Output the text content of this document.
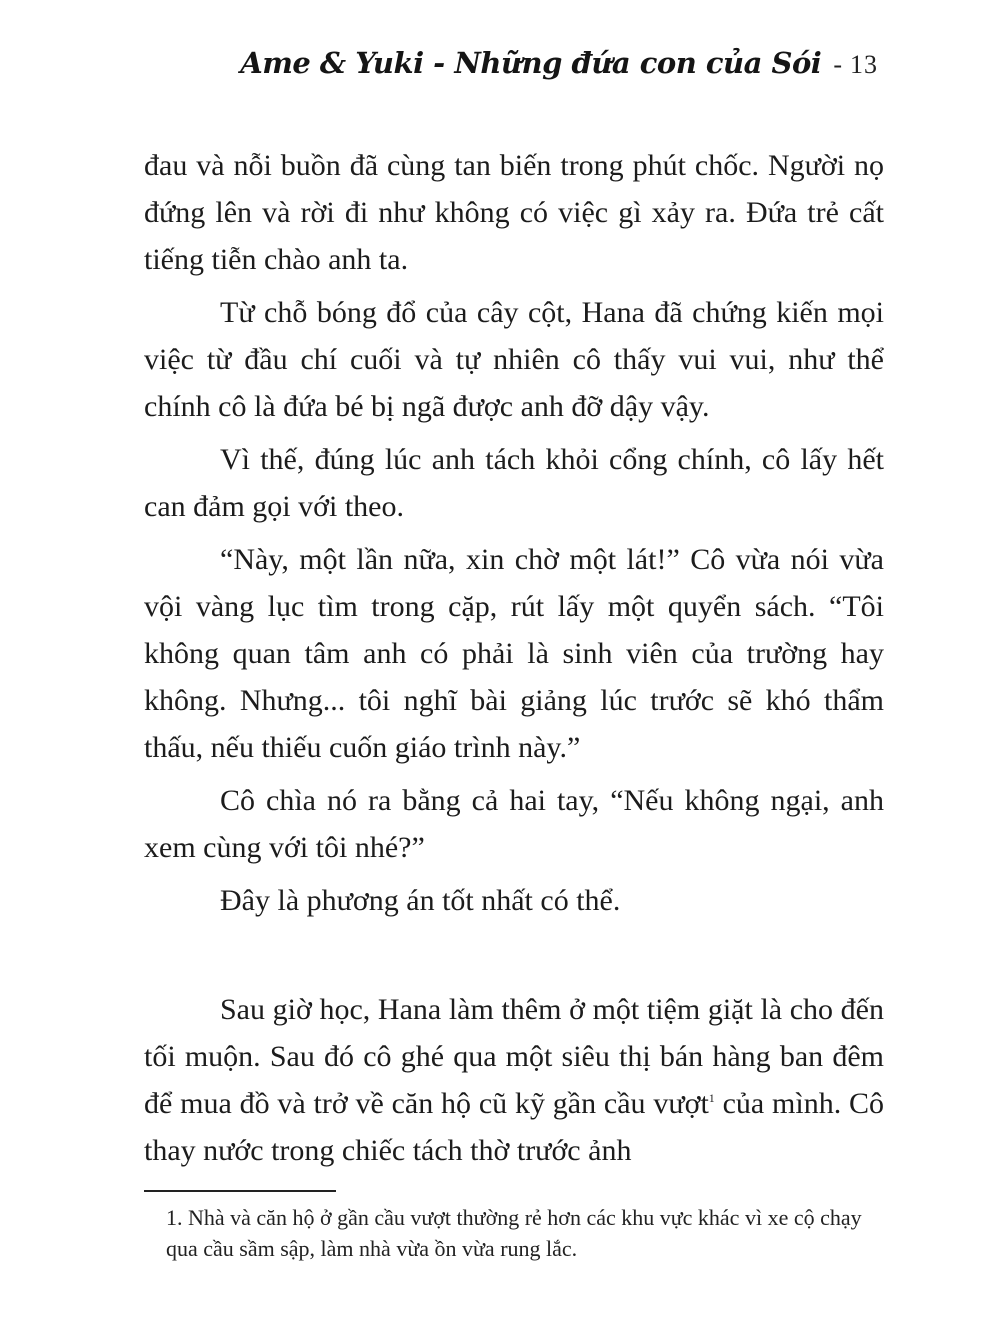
Ame & Yuki - Những đứa con của Sói - 13

đau và nỗi buồn đã cùng tan biến trong phút chốc. Người nọ đứng lên và rời đi như không có việc gì xảy ra. Đứa trẻ cất tiếng tiễn chào anh ta.

Từ chỗ bóng đổ của cây cột, Hana đã chứng kiến mọi việc từ đầu chí cuối và tự nhiên cô thấy vui vui, như thể chính cô là đứa bé bị ngã được anh đỡ dậy vậy.

Vì thế, đúng lúc anh tách khỏi cổng chính, cô lấy hết can đảm gọi với theo.

“Này, một lần nữa, xin chờ một lát!” Cô vừa nói vừa vội vàng lục tìm trong cặp, rút lấy một quyển sách. “Tôi không quan tâm anh có phải là sinh viên của trường hay không. Nhưng... tôi nghĩ bài giảng lúc trước sẽ khó thẩm thấu, nếu thiếu cuốn giáo trình này.”

Cô chìa nó ra bằng cả hai tay, “Nếu không ngại, anh xem cùng với tôi nhé?”

Đây là phương án tốt nhất có thể.

Sau giờ học, Hana làm thêm ở một tiệm giặt là cho đến tối muộn. Sau đó cô ghé qua một siêu thị bán hàng ban đêm để mua đồ và trở về căn hộ cũ kỹ gần cầu vượt$^1$ của mình. Cô thay nước trong chiếc tách thờ trước ảnh

1. Nhà và căn hộ ở gần cầu vượt thường rẻ hơn các khu vực khác vì xe cộ chạy qua cầu sầm sập, làm nhà vừa ồn vừa rung lắc.
